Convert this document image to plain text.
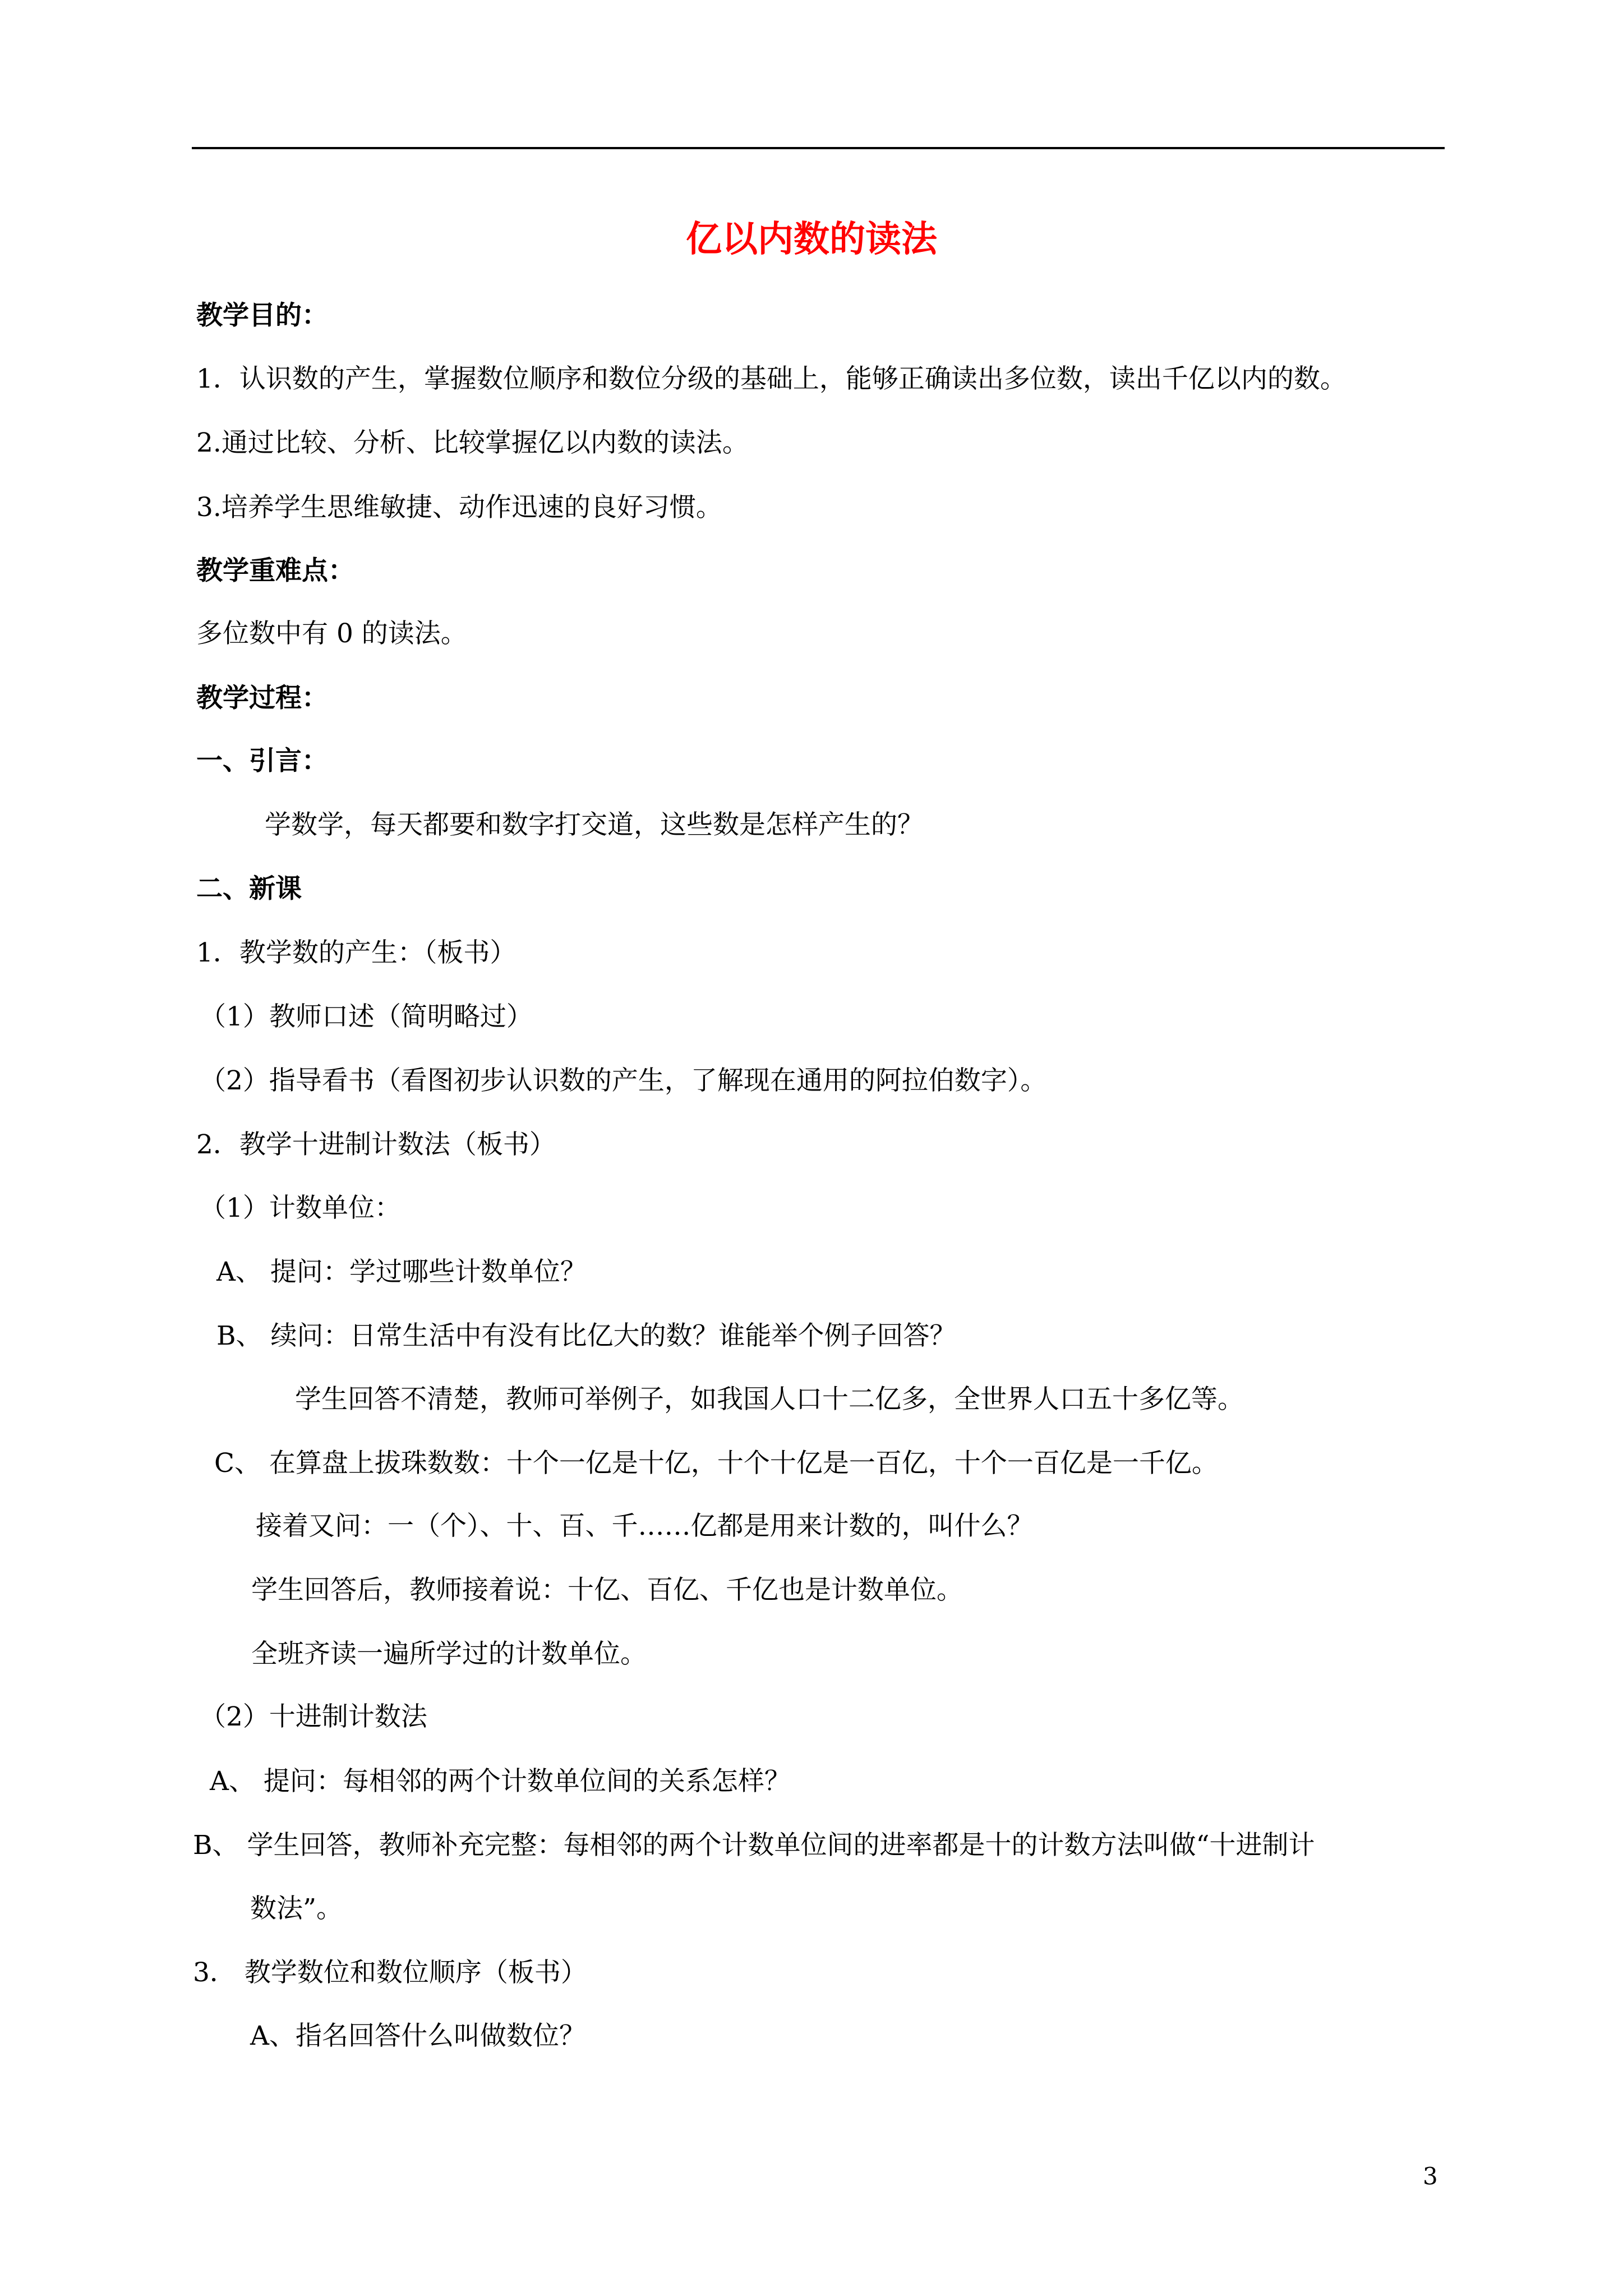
亿以内数的读法
教学目的：
1．认识数的产生，掌握数位顺序和数位分级的基础上，能够正确读出多位数，读出千亿以内的数。
2.通过比较、分析、比较掌握亿以内数的读法。
3.培养学生思维敏捷、动作迅速的良好习惯。
教学重难点：
多位数中有 0 的读法。
教学过程：
一、引言：
学数学，每天都要和数字打交道，这些数是怎样产生的？
二、新课
1．教学数的产生：（板书）
（1）教师口述（简明略过）
（2）指导看书（看图初步认识数的产生，了解现在通用的阿拉伯数字）。
2．教学十进制计数法（板书）
（1）计数单位：
A、 提问：学过哪些计数单位？
B、 续问：日常生活中有没有比亿大的数？谁能举个例子回答？
学生回答不清楚，教师可举例子，如我国人口十二亿多，全世界人口五十多亿等。
C、 在算盘上拔珠数数：十个一亿是十亿，十个十亿是一百亿，十个一百亿是一千亿。
接着又问：一（个）、十、百、千……亿都是用来计数的，叫什么？
学生回答后，教师接着说：十亿、百亿、千亿也是计数单位。
全班齐读一遍所学过的计数单位。
（2）十进制计数法
A、 提问：每相邻的两个计数单位间的关系怎样？
B、 学生回答，教师补充完整：每相邻的两个计数单位间的进率都是十的计数方法叫做“十进制计
数法”。
3． 教学数位和数位顺序（板书）
A、指名回答什么叫做数位？
3
